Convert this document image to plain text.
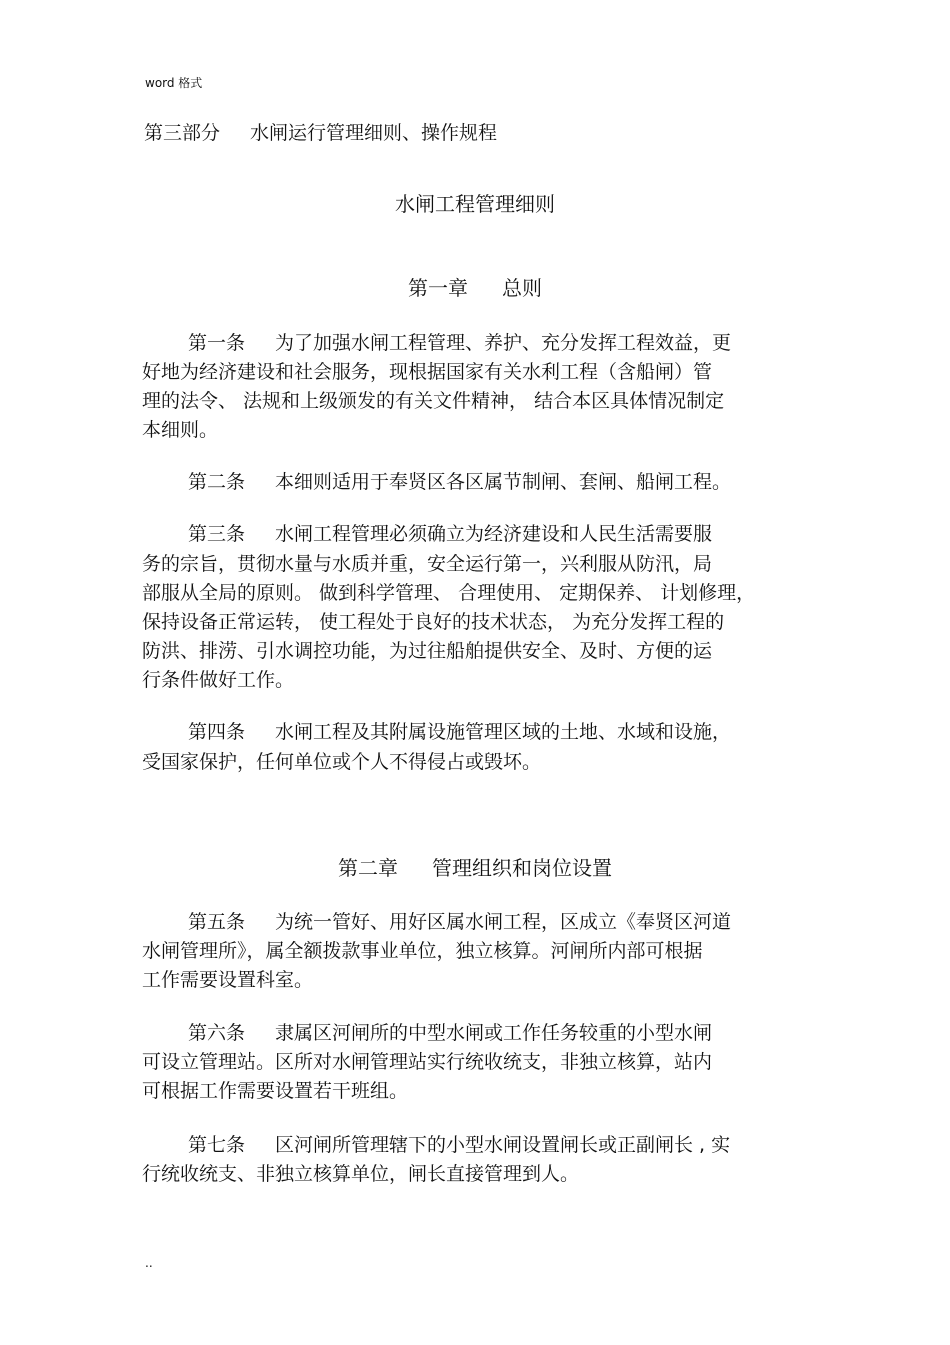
word 格式
第三部分 水闸运行管理细则、操作规程
水闸工程管理细则
第一章 总则
第一条 为了加强水闸工程管理、养护、充分发挥工程效益，更
好地为经济建设和社会服务，现根据国家有关水利工程（含船闸）管
理的法令、 法规和上级颁发的有关文件精神， 结合本区具体情况制定
本细则。
第二条 本细则适用于奉贤区各区属节制闸、套闸、船闸工程。
第三条 水闸工程管理必须确立为经济建设和人民生活需要服
务的宗旨，贯彻水量与水质并重，安全运行第一，兴利服从防汛，局
部服从全局的原则。 做到科学管理、 合理使用、 定期保养、 计划修理，
保持设备正常运转， 使工程处于良好的技术状态， 为充分发挥工程的
防洪、排涝、引水调控功能，为过往船舶提供安全、及时、方便的运
行条件做好工作。
第四条 水闸工程及其附属设施管理区域的土地、水域和设施，
受国家保护，任何单位或个人不得侵占或毁坏。
第二章 管理组织和岗位设置
第五条 为统一管好、用好区属水闸工程，区成立《奉贤区河道
水闸管理所》，属全额拨款事业单位，独立核算。河闸所内部可根据
工作需要设置科室。
第六条 隶属区河闸所的中型水闸或工作任务较重的小型水闸
可设立管理站。区所对水闸管理站实行统收统支，非独立核算，站内
可根据工作需要设置若干班组。
第七条 区河闸所管理辖下的小型水闸设置闸长或正副闸长 , 实
行统收统支、非独立核算单位，闸长直接管理到人。
..
